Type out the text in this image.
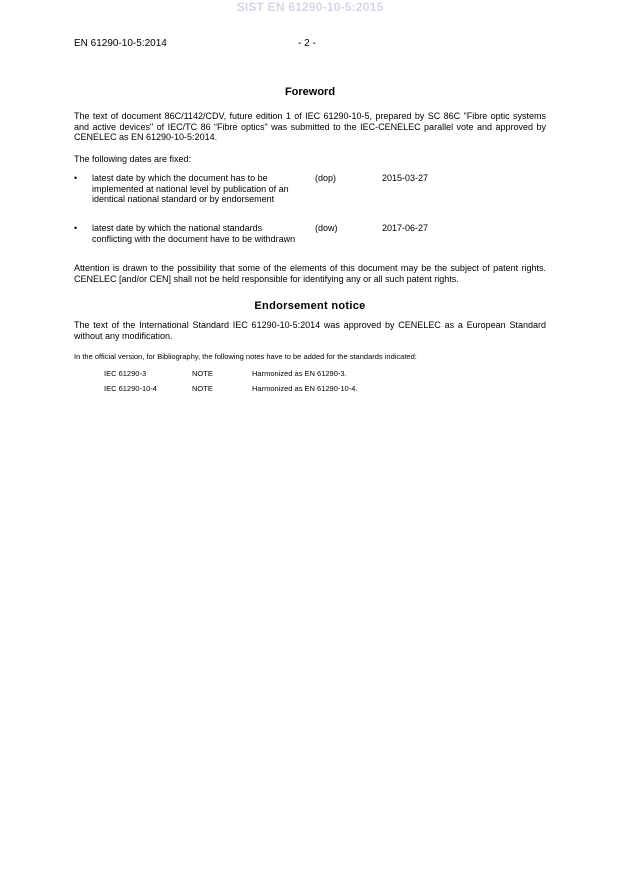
SIST EN 61290-10-5:2015
EN 61290-10-5:2014	- 2 -
Foreword

The text of document 86C/1142/CDV, future edition 1 of IEC 61290-10-5, prepared by SC 86C "Fibre optic systems and active devices" of IEC/TC 86 “Fibre optics" was submitted to the IEC-CENELEC parallel vote and approved by CENELEC as EN 61290-10-5:2014.

The following dates are fixed:

• latest date by which the document has to be implemented at national level by publication of an identical national standard or by endorsement
(dop)	2015-03-27
• latest date by which the national standards conflicting with the document have to be withdrawn
(dow)	2017-06-27

Attention is drawn to the possibility that some of the elements of this document may be the subject of patent rights. CENELEC [and/or CEN] shall not be held responsible for identifying any or all such patent rights.

Endorsement notice

The text of the International Standard IEC 61290-10-5:2014 was approved by CENELEC as a European Standard without any modification.

In the official version, for Bibliography, the following notes have to be added for the standards indicated:

IEC 61290-3	NOTE	Harmonized as EN 61290-3.
IEC 61290-10-4	NOTE	Harmonized as EN 61290-10-4.
